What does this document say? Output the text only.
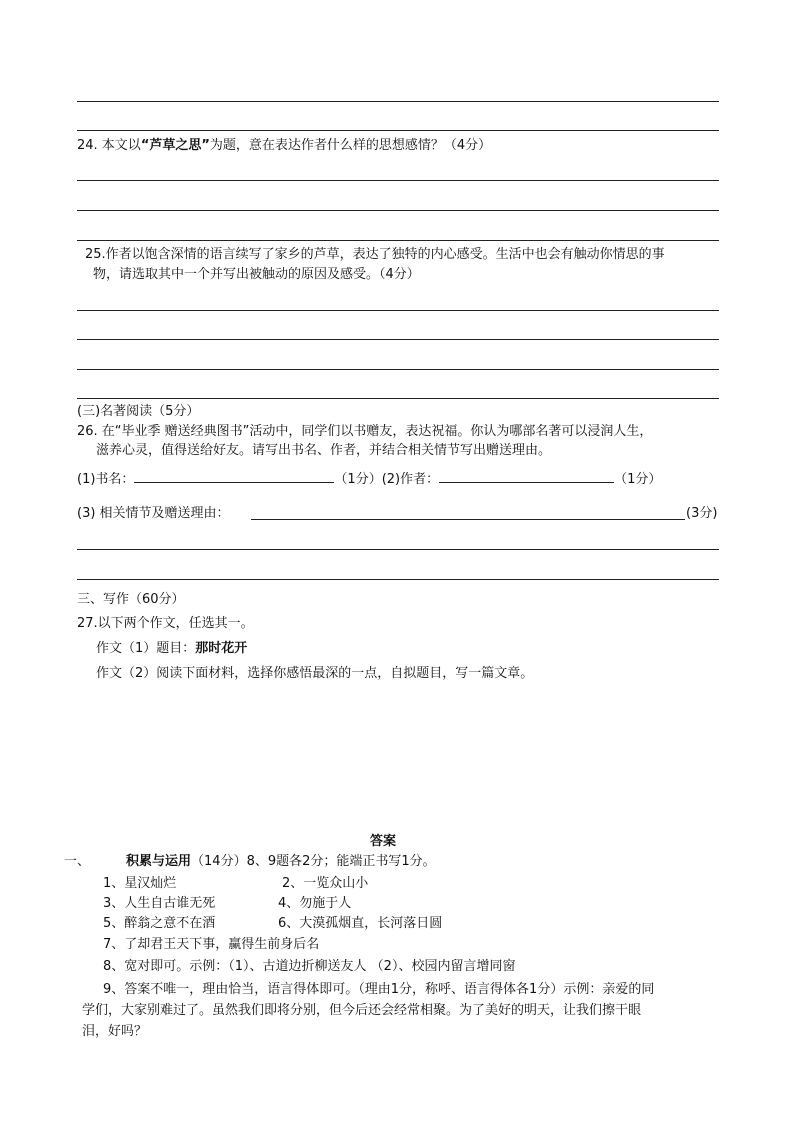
24. 本文以“芦草之思”为题，意在表达作者什么样的思想感情？（4分）
25.作者以饱含深情的语言续写了家乡的芦草，表达了独特的内心感受。生活中也会有触动你情思的事
物，请选取其中一个并写出被触动的原因及感受。（4分）
(三)名著阅读（5分）
26. 在“毕业季 赠送经典图书”活动中，同学们以书赠友，表达祝福。你认为哪部名著可以浸润人生，
滋养心灵，值得送给好友。请写出书名、作者，并结合相关情节写出赠送理由。
(1)书名：	（1分）(2)作者：	（1分）
(3) 相关情节及赠送理由：	(3分)
三、写作（60分）
27.以下两个作文，任选其一。
作文（1）题目：那时花开
作文（2）阅读下面材料，选择你感悟最深的一点，自拟题目，写一篇文章。
答案
一、	积累与运用（14分）8、9题各2分；能端正书写1分。
1、星汉灿烂	2、一览众山小
3、人生自古谁无死	4、勿施于人
5、醉翁之意不在酒	6、大漠孤烟直，长河落日圆
7、了却君王天下事，赢得生前身后名
8、宽对即可。示例：（1）、古道边折柳送友人 （2）、校园内留言增同窗
9、答案不唯一，理由恰当，语言得体即可。（理由1分，称呼、语言得体各1分）示例：亲爱的同
学们，大家别难过了。虽然我们即将分别，但今后还会经常相聚。为了美好的明天，让我们擦干眼
泪，好吗？
